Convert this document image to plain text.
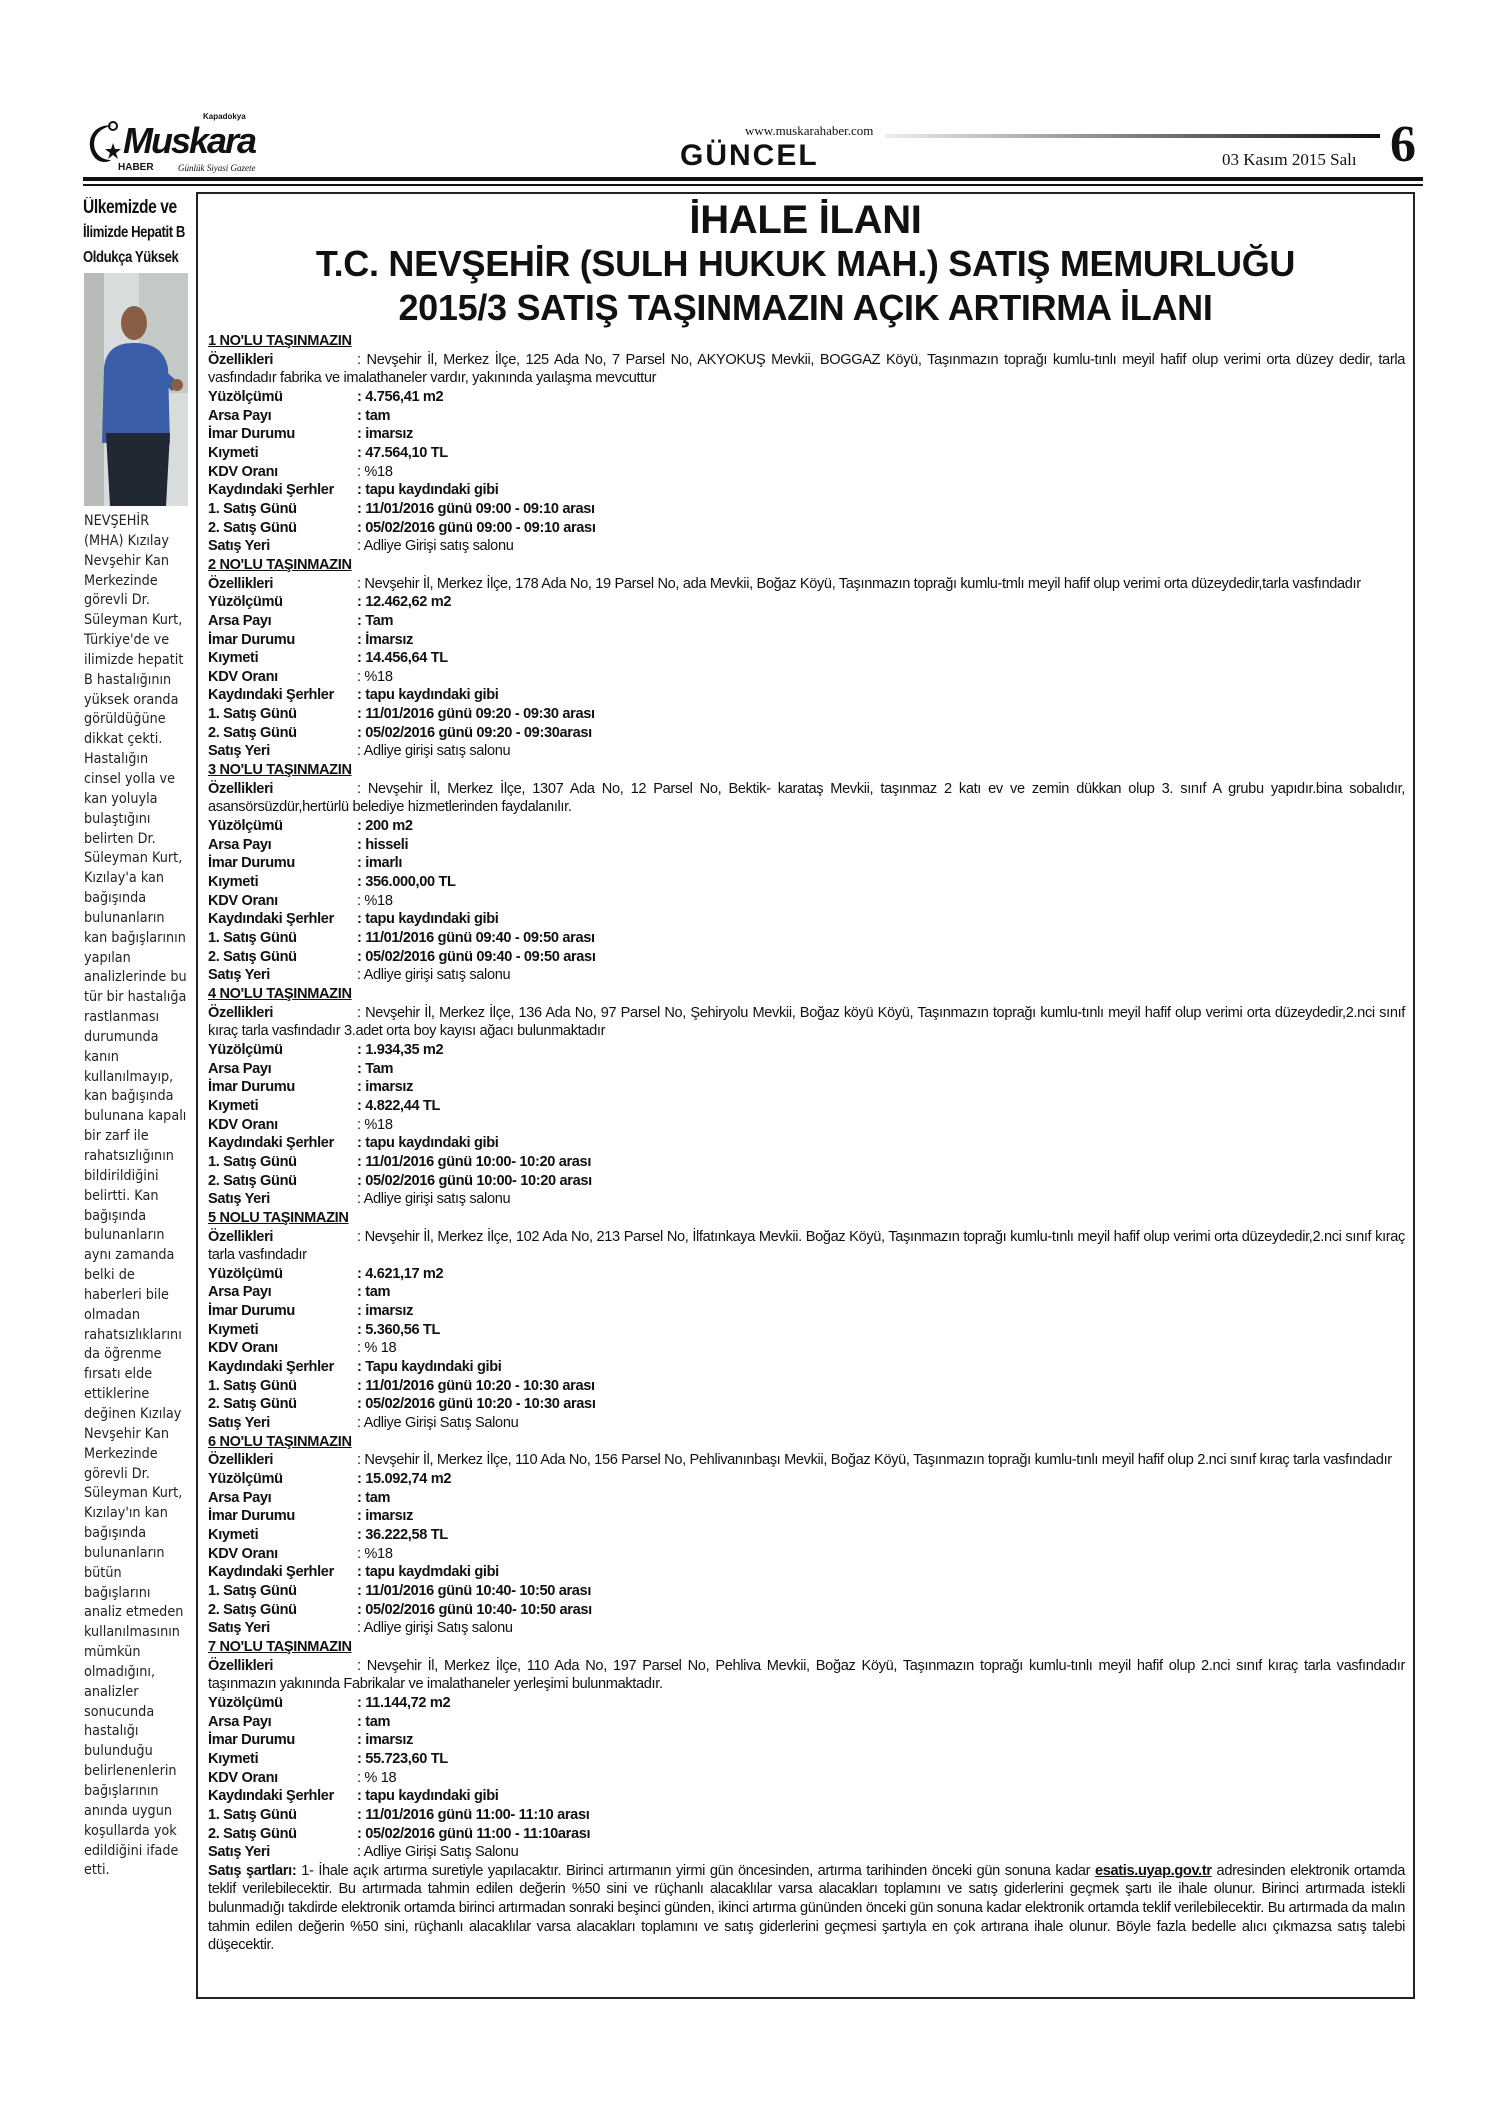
Kapadokya
Muskara
HABER	Günlük Siyasi Gazete	GÜNCEL
www.muskarahaber.com
03 Kasım 2015 Salı 6
Ülkemizde ve
İlimizde Hepatit B
Oldukça Yüksek
NEVŞEHİR (MHA) Kızılay Nevşehir Kan Merkezinde görevli Dr. Süleyman Kurt, Türkiye'de ve ilimizde hepatit B hastalığının yüksek oranda görüldüğüne dikkat çekti. Hastalığın cinsel yolla ve kan yoluyla bulaştığını belirten Dr. Süleyman Kurt, Kızılay'a kan bağışında bulunanların kan bağışlarının yapılan analizlerinde bu tür bir hastalığa rastlanması durumunda kanın kullanılmayıp, kan bağışında bulunana kapalı bir zarf ile rahatsızlığının bildirildiğini belirtti. Kan bağışında bulunanların aynı zamanda belki de haberleri bile olmadan rahatsızlıklarını da öğrenme fırsatı elde ettiklerine değinen Kızılay Nevşehir Kan Merkezinde görevli Dr. Süleyman Kurt, Kızılay'ın kan bağışında bulunanların bütün bağışlarını analiz etmeden kullanılmasının mümkün olmadığını, analizler sonucunda hastalığı bulunduğu belirlenenlerin bağışlarının anında uygun koşullarda yok edildiğini ifade etti.
İHALE İLANI
T.C. NEVŞEHİR (SULH HUKUK MAH.) SATIŞ MEMURLUĞU
2015/3 SATIŞ TAŞINMAZIN AÇIK ARTIRMA İLANI
1 NO'LU TAŞINMAZIN
Özellikleri	: Nevşehir İl, Merkez İlçe, 125 Ada No, 7 Parsel No, AKYOKUŞ Mevkii, BOGGAZ Köyü, Taşınmazın toprağı kumlu-tınlı meyil hafif olup verimi orta düzey dedir, tarla vasfındadır fabrika ve imalathaneler vardır, yakınında yaılaşma mevcuttur
Yüzölçümü	: 4.756,41 m2
Arsa Payı	: tam
İmar Durumu	: imarsız
Kıymeti	: 47.564,10 TL
KDV Oranı	: %18
Kaydındaki Şerhler	: tapu kaydındaki gibi
1. Satış Günü	: 11/01/2016 günü 09:00 - 09:10 arası
2. Satış Günü	: 05/02/2016 günü 09:00 - 09:10 arası
Satış Yeri	: Adliye Girişi satış salonu
2 NO'LU TAŞINMAZIN
Özellikleri	: Nevşehir İl, Merkez İlçe, 178 Ada No, 19 Parsel No, ada Mevkii, Boğaz Köyü, Taşınmazın toprağı kumlu-tmlı meyil hafif olup verimi orta düzeydedir,tarla vasfındadır
Yüzölçümü	: 12.462,62 m2
Arsa Payı	: Tam
İmar Durumu	: İmarsız
Kıymeti	: 14.456,64 TL
KDV Oranı	: %18
Kaydındaki Şerhler	: tapu kaydındaki gibi
1. Satış Günü	: 11/01/2016 günü 09:20 - 09:30 arası
2. Satış Günü	: 05/02/2016 günü 09:20 - 09:30arası
Satış Yeri	: Adliye girişi satış salonu
3 NO'LU TAŞINMAZIN
Özellikleri	: Nevşehir İl, Merkez İlçe, 1307 Ada No, 12 Parsel No, Bektik- karataş Mevkii, taşınmaz 2 katı ev ve zemin dükkan olup 3. sınıf A grubu yapıdır.bina sobalıdır, asansörsüzdür,hertürlü belediye hizmetlerinden faydalanılır.
Yüzölçümü	: 200 m2
Arsa Payı	: hisseli
İmar Durumu	: imarlı
Kıymeti	: 356.000,00 TL
KDV Oranı	: %18
Kaydındaki Şerhler	: tapu kaydındaki gibi
1. Satış Günü	: 11/01/2016 günü 09:40 - 09:50 arası
2. Satış Günü	: 05/02/2016 günü 09:40 - 09:50 arası
Satış Yeri	: Adliye girişi satış salonu
4 NO'LU TAŞINMAZIN
Özellikleri	: Nevşehir İl, Merkez İlçe, 136 Ada No, 97 Parsel No, Şehiryolu Mevkii, Boğaz köyü Köyü, Taşınmazın toprağı kumlu-tınlı meyil hafif olup verimi orta düzeydedir,2.nci sınıf kıraç tarla vasfındadır 3.adet orta boy kayısı ağacı bulunmaktadır
Yüzölçümü	: 1.934,35 m2
Arsa Payı	: Tam
İmar Durumu	: imarsız
Kıymeti	: 4.822,44 TL
KDV Oranı	: %18
Kaydındaki Şerhler	: tapu kaydındaki gibi
1. Satış Günü	: 11/01/2016 günü 10:00- 10:20 arası
2. Satış Günü	: 05/02/2016 günü 10:00- 10:20 arası
Satış Yeri	: Adliye girişi satış salonu
5 NOLU TAŞINMAZIN
Özellikleri	: Nevşehir İl, Merkez İlçe, 102 Ada No, 213 Parsel No, İlfatınkaya Mevkii. Boğaz Köyü, Taşınmazın toprağı kumlu-tınlı meyil hafif olup verimi orta düzeydedir,2.nci sınıf kıraç tarla vasfındadır
Yüzölçümü	: 4.621,17 m2
Arsa Payı	: tam
İmar Durumu	: imarsız
Kıymeti	: 5.360,56 TL
KDV Oranı	: % 18
Kaydındaki Şerhler	: Tapu kaydındaki gibi
1. Satış Günü	: 11/01/2016 günü 10:20 - 10:30 arası
2. Satış Günü	: 05/02/2016 günü 10:20 - 10:30 arası
Satış Yeri	: Adliye Girişi Satış Salonu
6 NO'LU TAŞINMAZIN
Özellikleri	: Nevşehir İl, Merkez İlçe, 110 Ada No, 156 Parsel No, Pehlivanınbaşı Mevkii, Boğaz Köyü, Taşınmazın toprağı kumlu-tınlı meyil hafif olup 2.nci sınıf kıraç tarla vasfındadır
Yüzölçümü	: 15.092,74 m2
Arsa Payı	: tam
İmar Durumu	: imarsız
Kıymeti	: 36.222,58 TL
KDV Oranı	: %18
Kaydındaki Şerhler	: tapu kaydmdaki gibi
1. Satış Günü	: 11/01/2016 günü 10:40- 10:50 arası
2. Satış Günü	: 05/02/2016 günü 10:40- 10:50 arası
Satış Yeri	: Adliye girişi Satış salonu
7 NO'LU TAŞINMAZIN
Özellikleri	: Nevşehir İl, Merkez İlçe, 110 Ada No, 197 Parsel No, Pehliva Mevkii, Boğaz Köyü, Taşınmazın toprağı kumlu-tınlı meyil hafif olup 2.nci sınıf kıraç tarla vasfındadır taşınmazın yakınında Fabrikalar ve imalathaneler yerleşimi bulunmaktadır.
Yüzölçümü	: 11.144,72 m2
Arsa Payı	: tam
İmar Durumu	: imarsız
Kıymeti	: 55.723,60 TL
KDV Oranı	: % 18
Kaydındaki Şerhler	: tapu kaydındaki gibi
1. Satış Günü	: 11/01/2016 günü 11:00- 11:10 arası
2. Satış Günü	: 05/02/2016 günü 11:00 - 11:10arası
Satış Yeri	: Adliye Girişi Satış Salonu
Satış şartları: 1- İhale açık artırma suretiyle yapılacaktır. Birinci artırmanın yirmi gün öncesinden, artırma tarihinden önceki gün sonuna kadar esatis.uyap.gov.tr adresinden elektronik ortamda teklif verilebilecektir. Bu artırmada tahmin edilen değerin %50 sini ve rüçhanlı alacaklılar varsa alacakları toplamını ve satış giderlerini geçmek şartı ile ihale olunur. Birinci artırmada istekli bulunmadığı takdirde elektronik ortamda birinci artırmadan sonraki beşinci günden, ikinci artırma gününden önceki gün sonuna kadar elektronik ortamda teklif verilebilecektir. Bu artırmada da malın tahmin edilen değerin %50 sini, rüçhanlı alacaklılar varsa alacakları toplamını ve satış giderlerini geçmesi şartıyla en çok artırana ihale olunur. Böyle fazla bedelle alıcı çıkmazsa satış talebi düşecektir.
